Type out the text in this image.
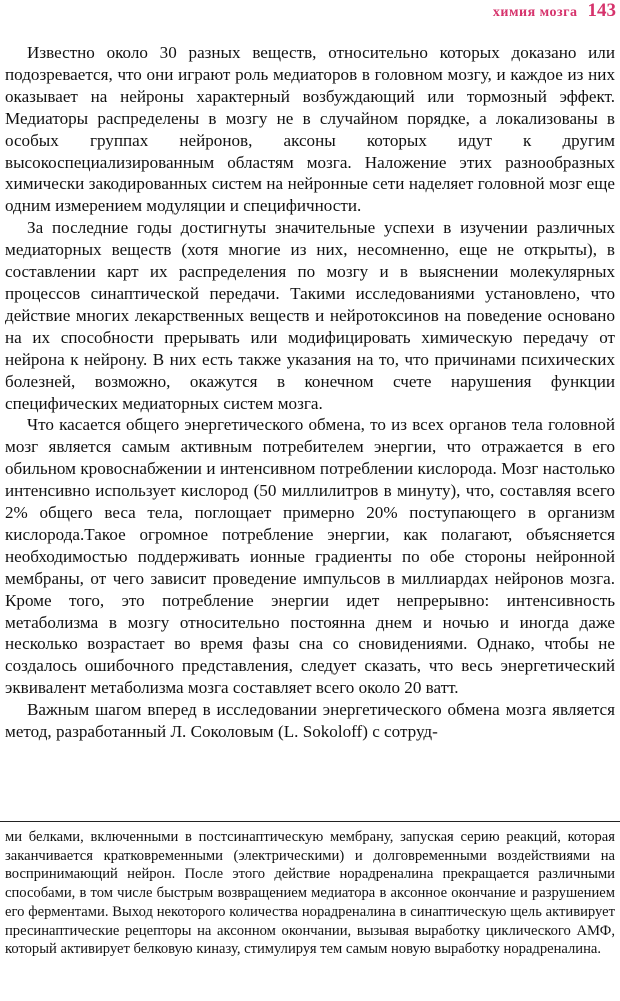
химия мозга 143

Известно около 30 разных веществ, относительно которых доказано или подозревается, что они играют роль медиаторов в головном мозгу, и каждое из них оказывает на нейроны характерный возбуждающий или тормозный эффект. Медиаторы распределены в мозгу не в случайном порядке, а локализованы в особых группах нейронов, аксоны которых идут к другим высокоспециализированным областям мозга. Наложение этих разнообразных химически закодированных систем на нейронные сети наделяет головной мозг еще одним измерением модуляции и специфичности.

За последние годы достигнуты значительные успехи в изучении различных медиаторных веществ (хотя многие из них, несомненно, еще не открыты), в составлении карт их распределения по мозгу и в выяснении молекулярных процессов синаптической передачи. Такими исследованиями установлено, что действие многих лекарственных веществ и нейротоксинов на поведение основано на их способности прерывать или модифицировать химическую передачу от нейрона к нейрону. В них есть также указания на то, что причинами психических болезней, возможно, окажутся в конечном счете нарушения функции специфических медиаторных систем мозга.

Что касается общего энергетического обмена, то из всех органов тела головной мозг является самым активным потребителем энергии, что отражается в его обильном кровоснабжении и интенсивном потреблении кислорода. Мозг настолько интенсивно использует кислород (50 миллилитров в минуту), что, составляя всего 2% общего веса тела, поглощает примерно 20% поступающего в организм кислорода.Такое огромное потребление энергии, как полагают, объясняется необходимостью поддерживать ионные градиенты по обе стороны нейронной мембраны, от чего зависит проведение импульсов в миллиардах нейронов мозга. Кроме того, это потребление энергии идет непрерывно: интенсивность метаболизма в мозгу относительно постоянна днем и ночью и иногда даже несколько возрастает во время фазы сна со сновидениями. Однако, чтобы не создалось ошибочного представления, следует сказать, что весь энергетический эквивалент метаболизма мозга составляет всего около 20 ватт.

Важным шагом вперед в исследовании энергетического обмена мозга является метод, разработанный Л. Соколовым (L. Sokoloff) с сотруд-

ми белками, включенными в постсинаптическую мембрану, запуская серию реакций, которая заканчивается кратковременными (электрическими) и долговременными воздействиями на воспринимающий нейрон. После этого действие норадреналина прекращается различными способами, в том числе быстрым возвращением медиатора в аксонное окончание и разрушением его ферментами. Выход некоторого количества норадреналина в синаптическую щель активирует пресинаптические рецепторы на аксонном окончании, вызывая выработку циклического АМФ, который активирует белковую киназу, стимулируя тем самым новую выработку норадреналина.
